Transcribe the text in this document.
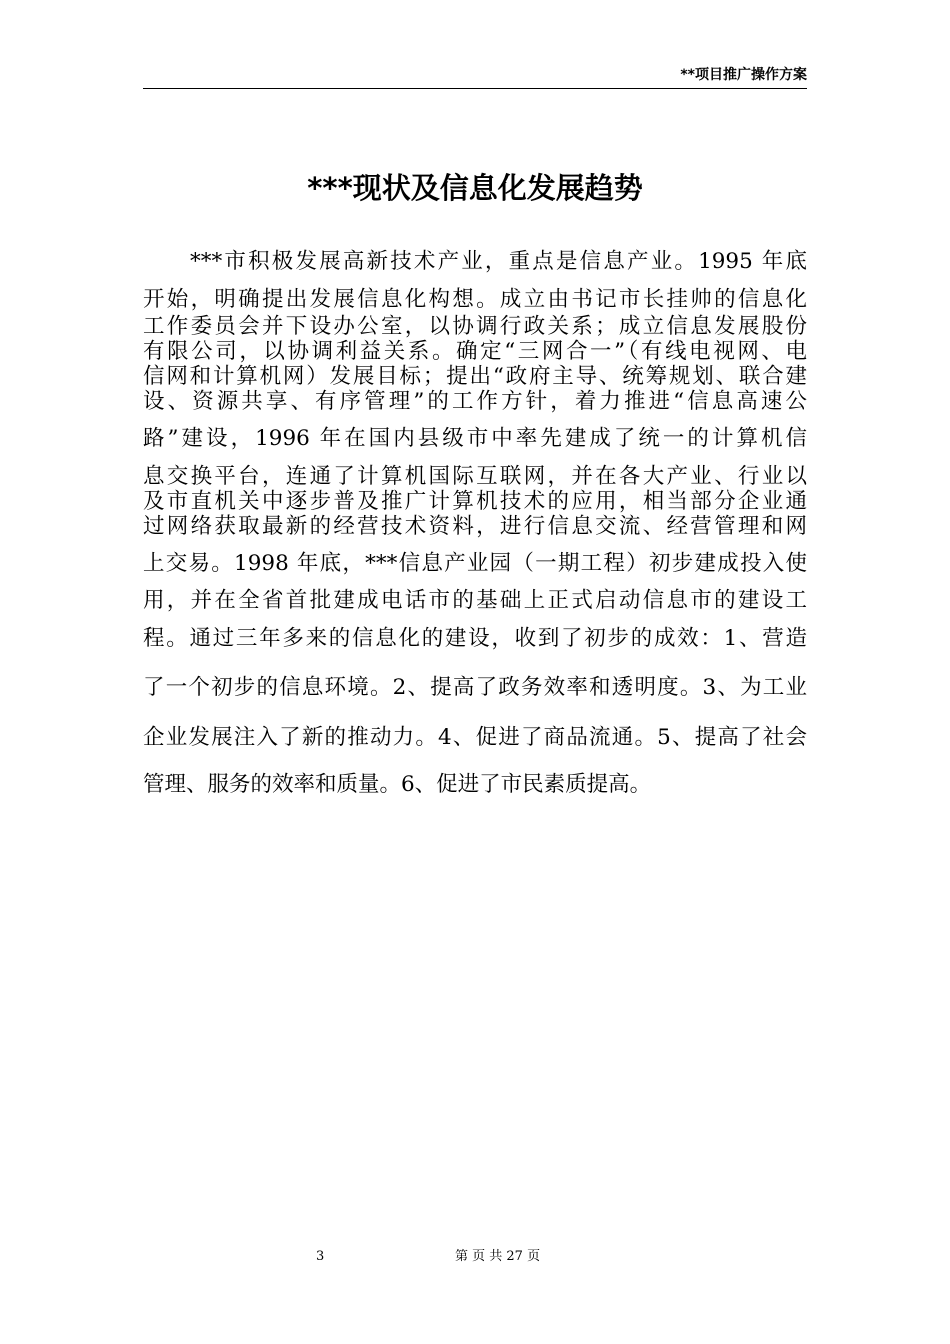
**项目推广操作方案
***现状及信息化发展趋势
***市积极发展高新技术产业，重点是信息产业。1995 年底
开始，明确提出发展信息化构想。成立由书记市长挂帅的信息化
工作委员会并下设办公室，以协调行政关系；成立信息发展股份
有限公司，以协调利益关系。确定“三网合一”（有线电视网、电
信网和计算机网）发展目标；提出“政府主导、统筹规划、联合建
设、资源共享、有序管理”的工作方针，着力推进“信息高速公
路”建设，1996 年在国内县级市中率先建成了统一的计算机信
息交换平台，连通了计算机国际互联网，并在各大产业、行业以
及市直机关中逐步普及推广计算机技术的应用，相当部分企业通
过网络获取最新的经营技术资料，进行信息交流、经营管理和网
上交易。1998 年底，***信息产业园（一期工程）初步建成投入使
用，并在全省首批建成电话市的基础上正式启动信息市的建设工
程。通过三年多来的信息化的建设，收到了初步的成效：1、营造
了一个初步的信息环境。2、提高了政务效率和透明度。3、为工业
企业发展注入了新的推动力。4、促进了商品流通。5、提高了社会
管理、服务的效率和质量。6、促进了市民素质提高。
3	第 页 共 27 页
